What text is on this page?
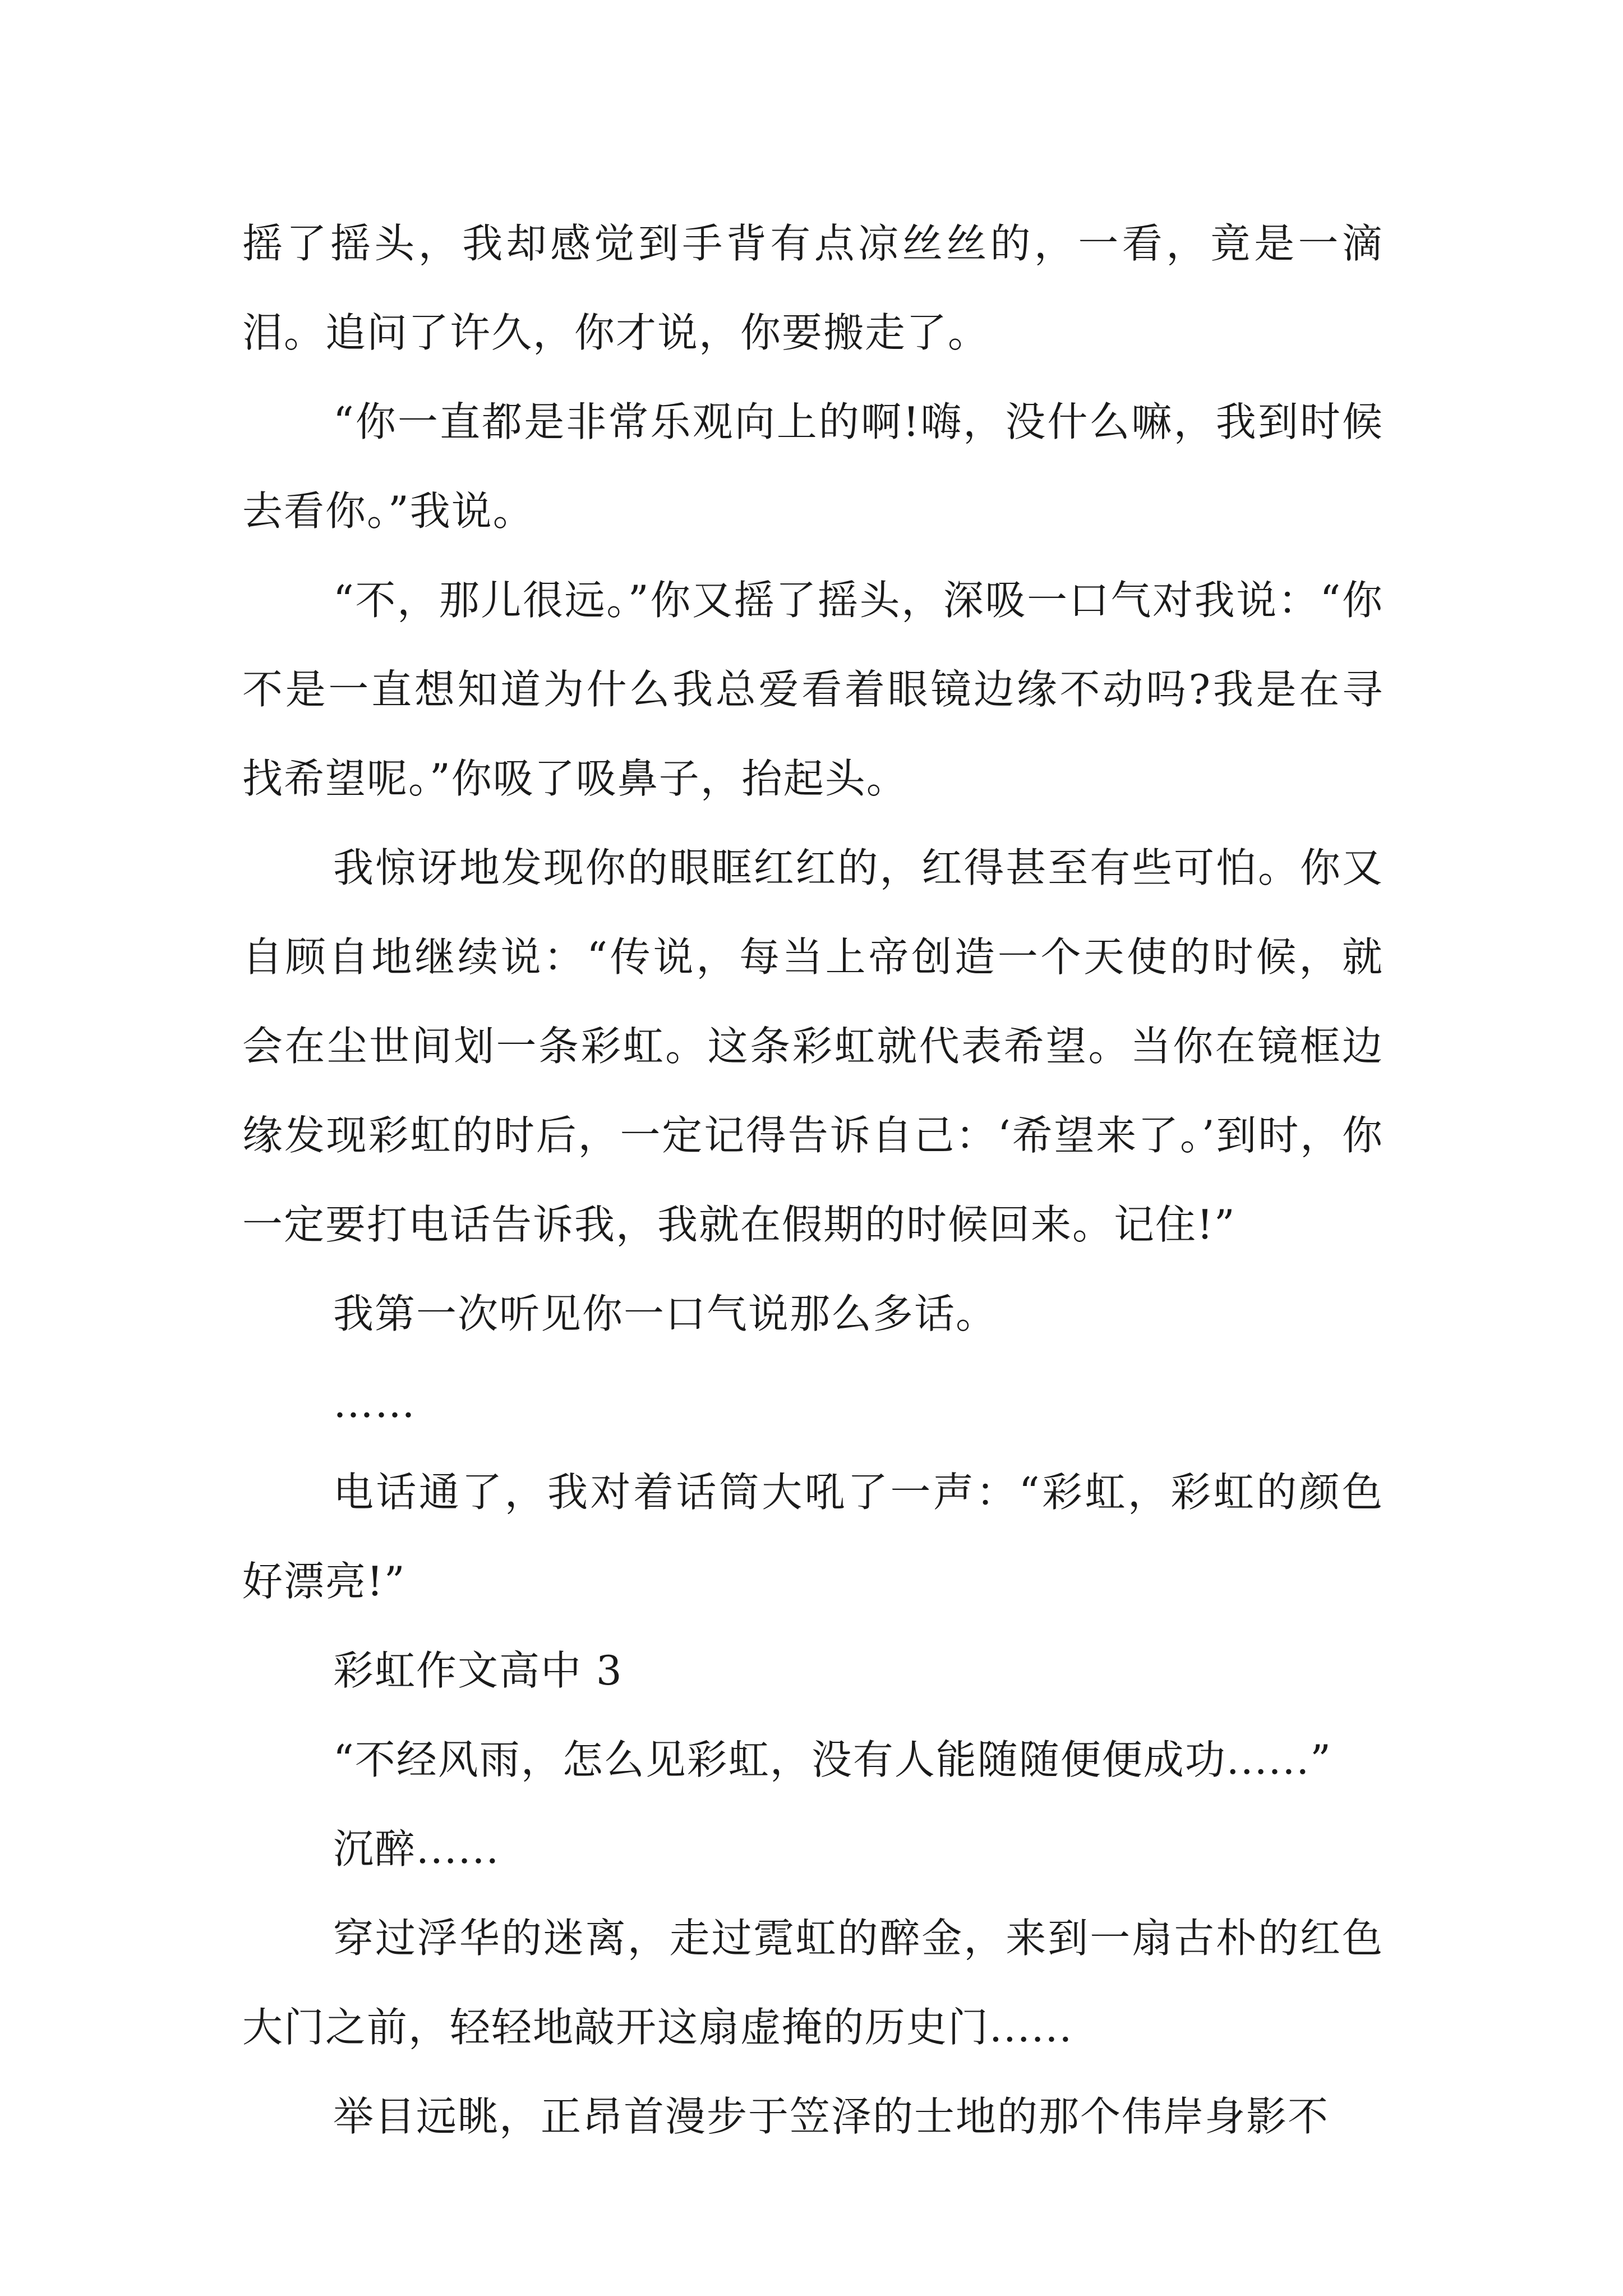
摇了摇头，我却感觉到手背有点凉丝丝的，一看，竟是一滴泪。追问了许久，你才说，你要搬走了。

“你一直都是非常乐观向上的啊!嗨，没什么嘛，我到时候去看你。”我说。

“不，那儿很远。”你又摇了摇头，深吸一口气对我说：“你不是一直想知道为什么我总爱看着眼镜边缘不动吗?我是在寻找希望呢。”你吸了吸鼻子，抬起头。

我惊讶地发现你的眼眶红红的，红得甚至有些可怕。你又自顾自地继续说：“传说，每当上帝创造一个天使的时候，就会在尘世间划一条彩虹。这条彩虹就代表希望。当你在镜框边缘发现彩虹的时后，一定记得告诉自己：‘希望来了。’到时，你一定要打电话告诉我，我就在假期的时候回来。记住!”

我第一次听见你一口气说那么多话。

……

电话通了，我对着话筒大吼了一声：“彩虹，彩虹的颜色好漂亮!”

彩虹作文高中 3

“不经风雨，怎么见彩虹，没有人能随随便便成功......”

沉醉......

穿过浮华的迷离，走过霓虹的醉金，来到一扇古朴的红色大门之前，轻轻地敲开这扇虚掩的历史门......

举目远眺，正昂首漫步于笠泽的士地的那个伟岸身影不
